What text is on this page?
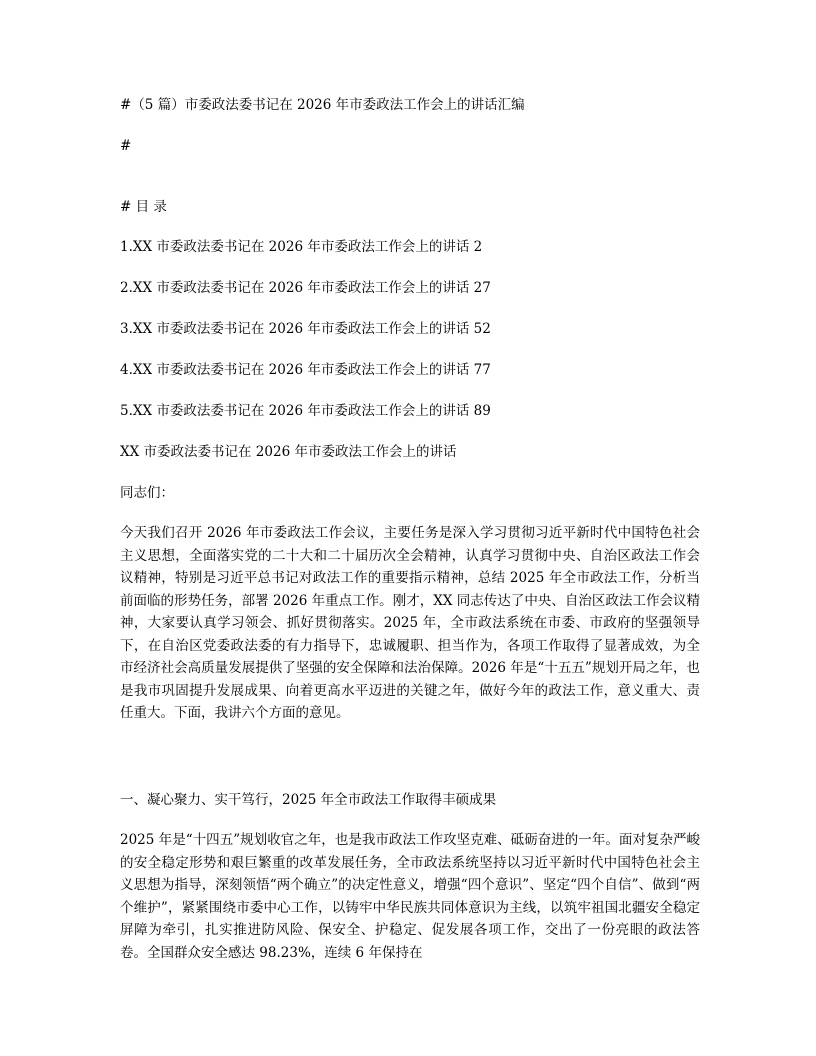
#（5 篇）市委政法委书记在 2026 年市委政法工作会上的讲话汇编
#
# 目 录
1.XX 市委政法委书记在 2026 年市委政法工作会上的讲话 2
2.XX 市委政法委书记在 2026 年市委政法工作会上的讲话 27
3.XX 市委政法委书记在 2026 年市委政法工作会上的讲话 52
4.XX 市委政法委书记在 2026 年市委政法工作会上的讲话 77
5.XX 市委政法委书记在 2026 年市委政法工作会上的讲话 89
XX 市委政法委书记在 2026 年市委政法工作会上的讲话
同志们：
今天我们召开 2026 年市委政法工作会议，主要任务是深入学习贯彻习近平新时代中国特色社会主义思想，全面落实党的二十大和二十届历次全会精神，认真学习贯彻中央、自治区政法工作会议精神，特别是习近平总书记对政法工作的重要指示精神，总结 2025 年全市政法工作，分析当前面临的形势任务，部署 2026 年重点工作。刚才，XX 同志传达了中央、自治区政法工作会议精神，大家要认真学习领会、抓好贯彻落实。2025 年，全市政法系统在市委、市政府的坚强领导下，在自治区党委政法委的有力指导下，忠诚履职、担当作为，各项工作取得了显著成效，为全市经济社会高质量发展提供了坚强的安全保障和法治保障。2026 年是“十五五”规划开局之年，也是我市巩固提升发展成果、向着更高水平迈进的关键之年，做好今年的政法工作，意义重大、责任重大。下面，我讲六个方面的意见。
一、凝心聚力、实干笃行，2025 年全市政法工作取得丰硕成果
2025 年是“十四五”规划收官之年，也是我市政法工作攻坚克难、砥砺奋进的一年。面对复杂严峻的安全稳定形势和艰巨繁重的改革发展任务，全市政法系统坚持以习近平新时代中国特色社会主义思想为指导，深刻领悟“两个确立”的决定性意义，增强“四个意识”、坚定“四个自信”、做到“两个维护”，紧紧围绕市委中心工作，以铸牢中华民族共同体意识为主线，以筑牢祖国北疆安全稳定屏障为牵引，扎实推进防风险、保安全、护稳定、促发展各项工作，交出了一份亮眼的政法答卷。全国群众安全感达 98.23%，连续 6 年保持在
